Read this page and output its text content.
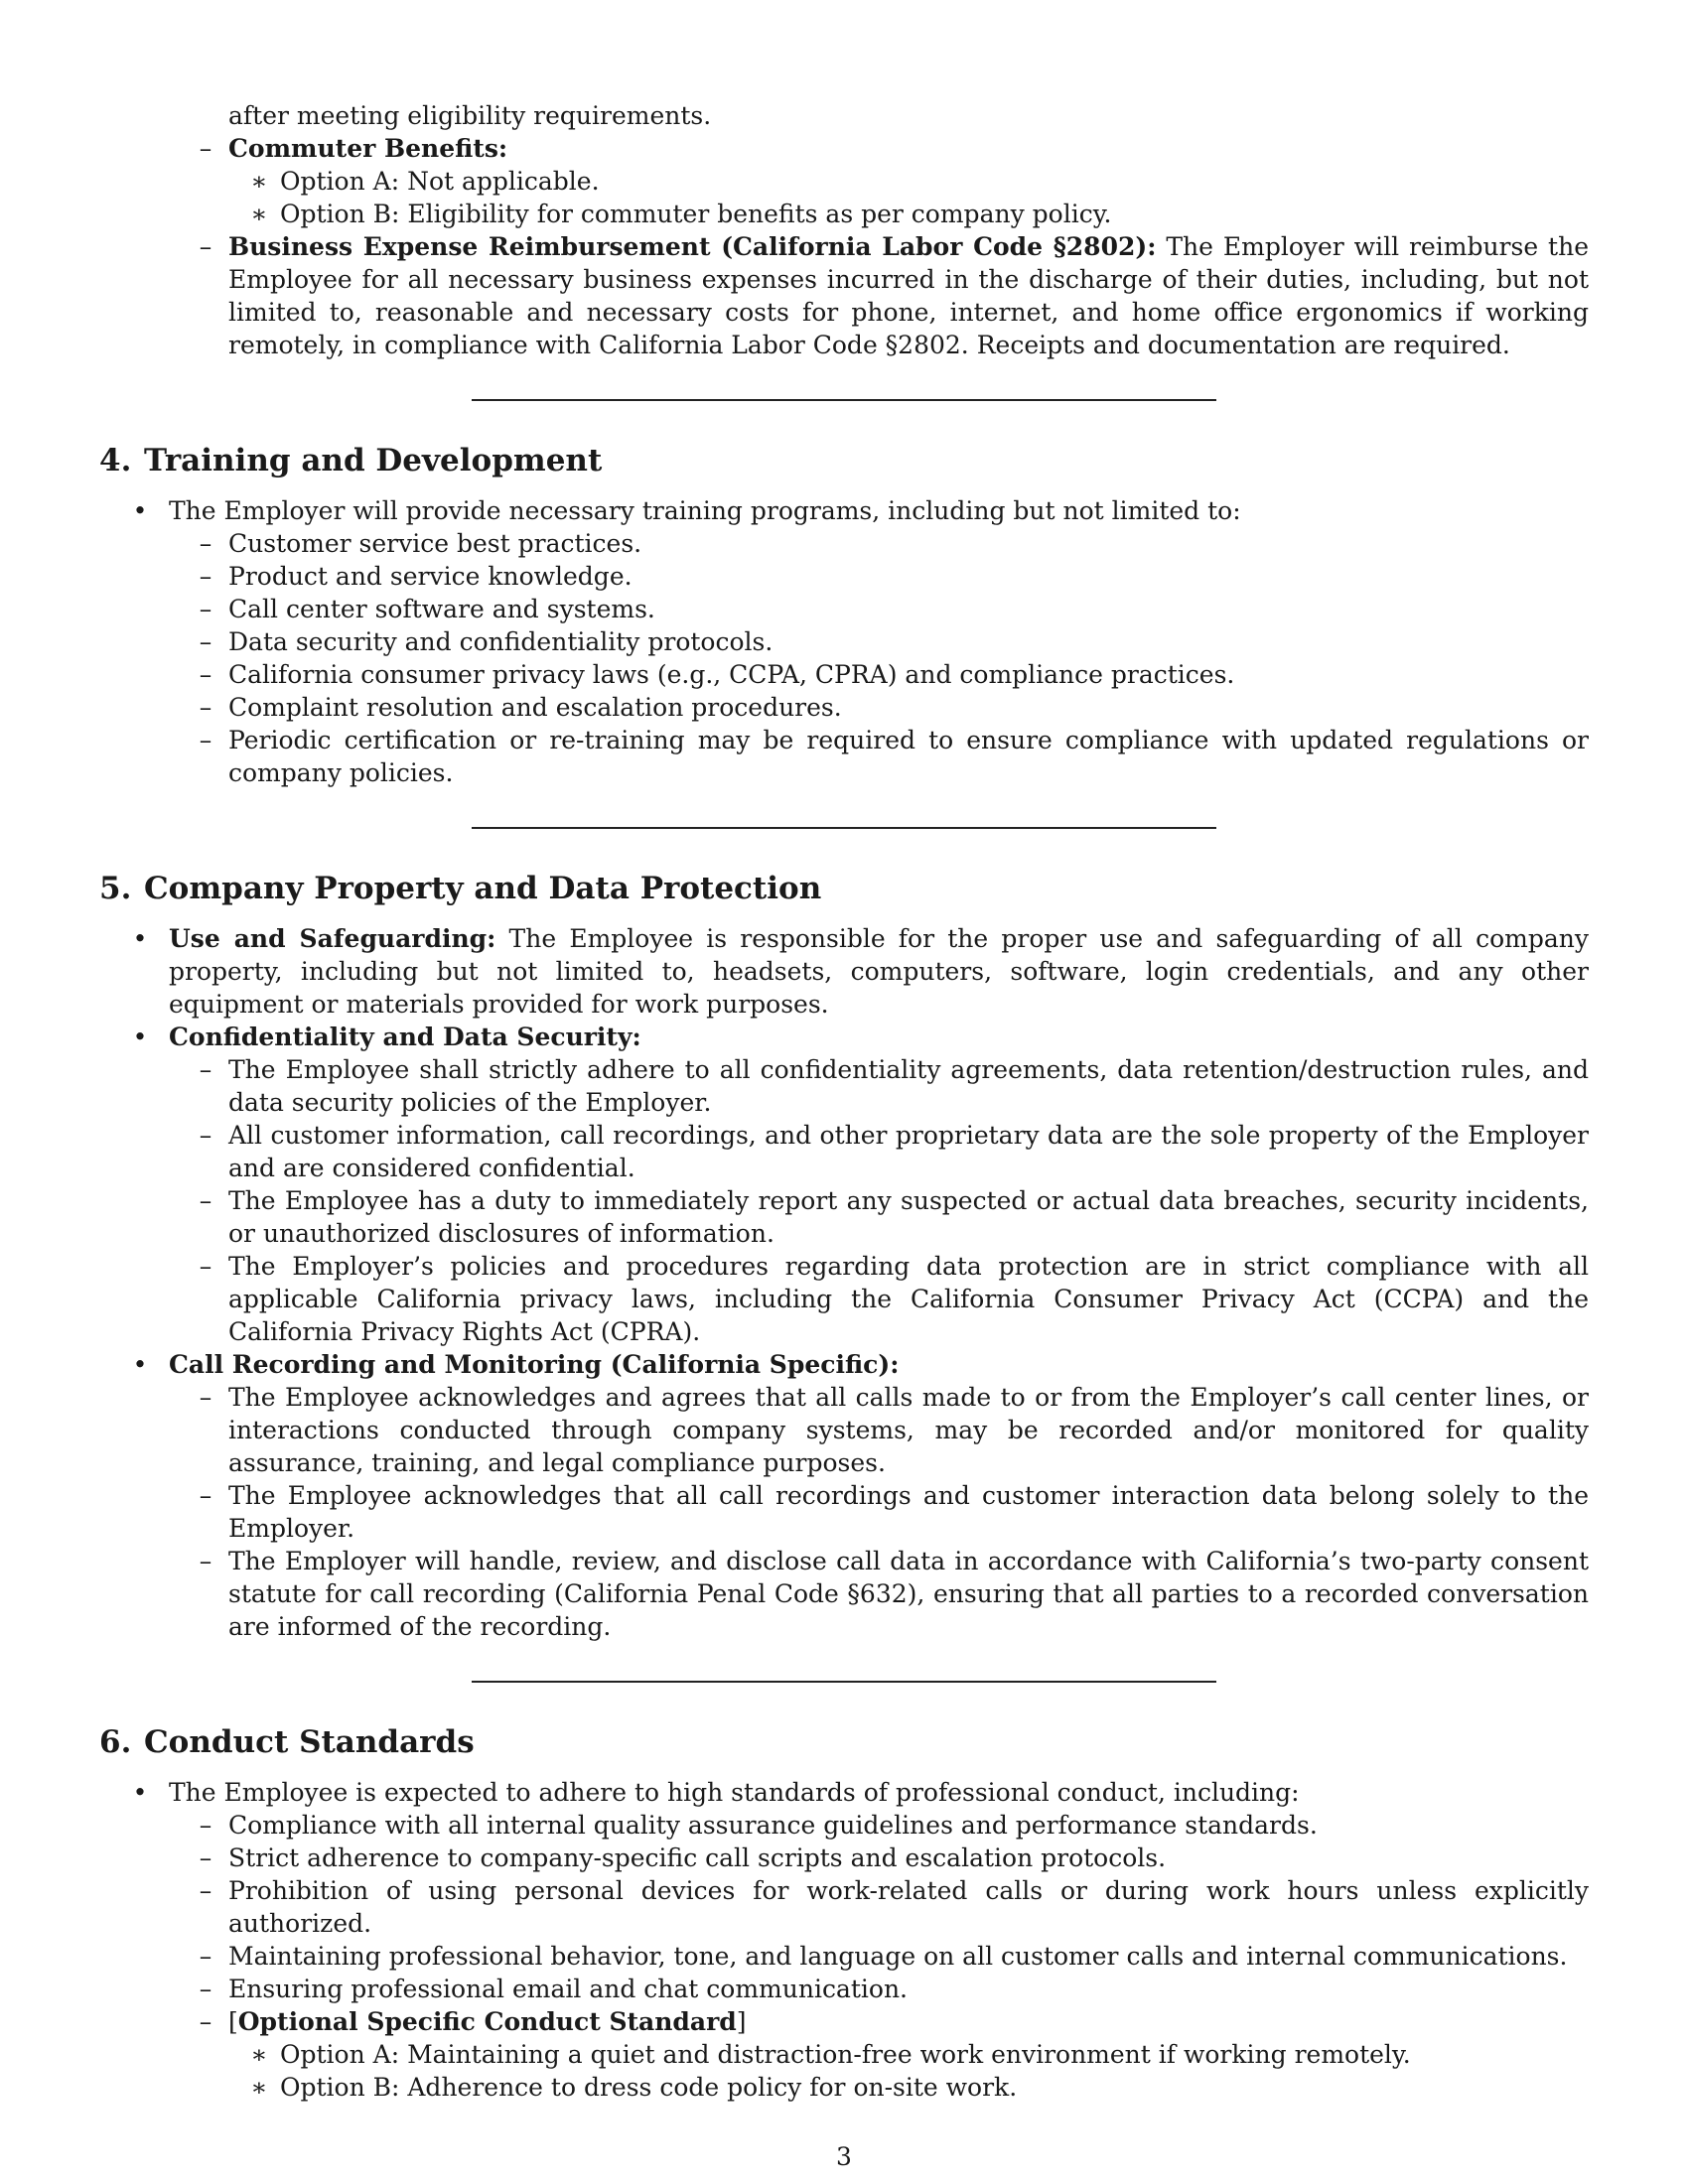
after meeting eligibility requirements.

– Commuter Benefits:
∗ Option A: Not applicable.
∗ Option B: Eligibility for commuter benefits as per company policy.
– Business Expense Reimbursement (California Labor Code §2802): The Employer will reimburse the Employee for all necessary business expenses incurred in the discharge of their duties, including, but not limited to, reasonable and necessary costs for phone, internet, and home office ergonomics if working remotely, in compliance with California Labor Code §2802. Receipts and documentation are required.
4. Training and Development
• The Employer will provide necessary training programs, including but not limited to:
– Customer service best practices.
– Product and service knowledge.
– Call center software and systems.
– Data security and confidentiality protocols.
– California consumer privacy laws (e.g., CCPA, CPRA) and compliance practices.
– Complaint resolution and escalation procedures.
– Periodic certification or re-training may be required to ensure compliance with updated regulations or company policies.
5. Company Property and Data Protection
• Use and Safeguarding: The Employee is responsible for the proper use and safeguarding of all company property, including but not limited to, headsets, computers, software, login credentials, and any other equipment or materials provided for work purposes.
• Confidentiality and Data Security:
– The Employee shall strictly adhere to all confidentiality agreements, data retention/destruction rules, and data security policies of the Employer.
– All customer information, call recordings, and other proprietary data are the sole property of the Employer and are considered confidential.
– The Employee has a duty to immediately report any suspected or actual data breaches, security incidents, or unauthorized disclosures of information.
– The Employer’s policies and procedures regarding data protection are in strict compliance with all applicable California privacy laws, including the California Consumer Privacy Act (CCPA) and the California Privacy Rights Act (CPRA).
• Call Recording and Monitoring (California Specific):
– The Employee acknowledges and agrees that all calls made to or from the Employer’s call center lines, or interactions conducted through company systems, may be recorded and/or monitored for quality assurance, training, and legal compliance purposes.
– The Employee acknowledges that all call recordings and customer interaction data belong solely to the Employer.
– The Employer will handle, review, and disclose call data in accordance with California’s two-party consent statute for call recording (California Penal Code §632), ensuring that all parties to a recorded conversation are informed of the recording.
6. Conduct Standards
• The Employee is expected to adhere to high standards of professional conduct, including:
– Compliance with all internal quality assurance guidelines and performance standards.
– Strict adherence to company-specific call scripts and escalation protocols.
– Prohibition of using personal devices for work-related calls or during work hours unless explicitly authorized.
– Maintaining professional behavior, tone, and language on all customer calls and internal communications.
– Ensuring professional email and chat communication.
– [Optional Specific Conduct Standard]
∗ Option A: Maintaining a quiet and distraction-free work environment if working remotely.
∗ Option B: Adherence to dress code policy for on-site work.
3
